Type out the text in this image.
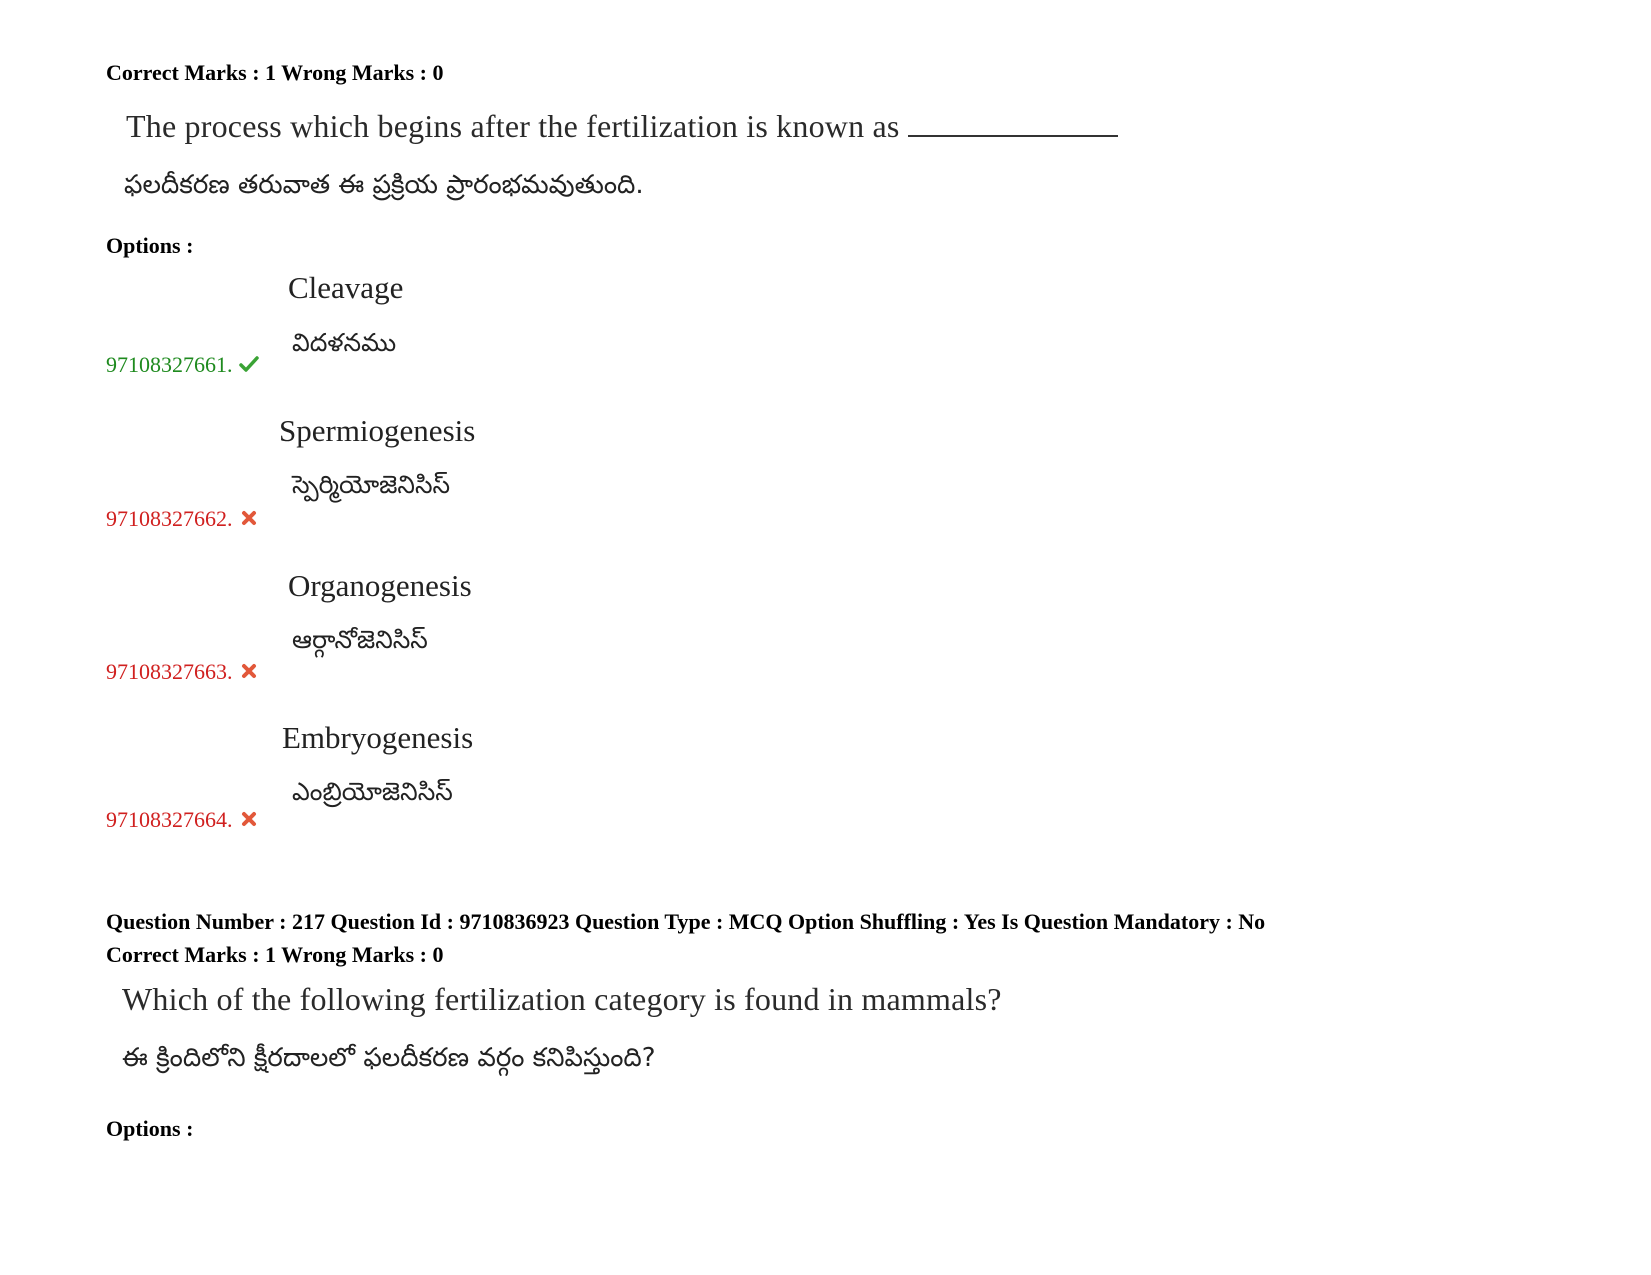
Correct Marks : 1 Wrong Marks : 0
The process which begins after the fertilization is known as
ఫలదీకరణ తరువాత ఈ ప్రక్రియ ప్రారంభమవుతుంది.
Options :
Cleavage
విదళనము
97108327661.
Spermiogenesis
స్పెర్మియోజెనిసిస్
97108327662.
Organogenesis
ఆర్గానోజెనిసిస్
97108327663.
Embryogenesis
ఎంబ్రియోజెనిసిస్
97108327664.
Question Number : 217 Question Id : 9710836923 Question Type : MCQ Option Shuffling : Yes Is Question Mandatory : No
Correct Marks : 1 Wrong Marks : 0
Which of the following fertilization category is found in mammals?
ఈ క్రిందిలోని క్షీరదాలలో ఫలదీకరణ వర్గం కనిపిస్తుంది?
Options :
